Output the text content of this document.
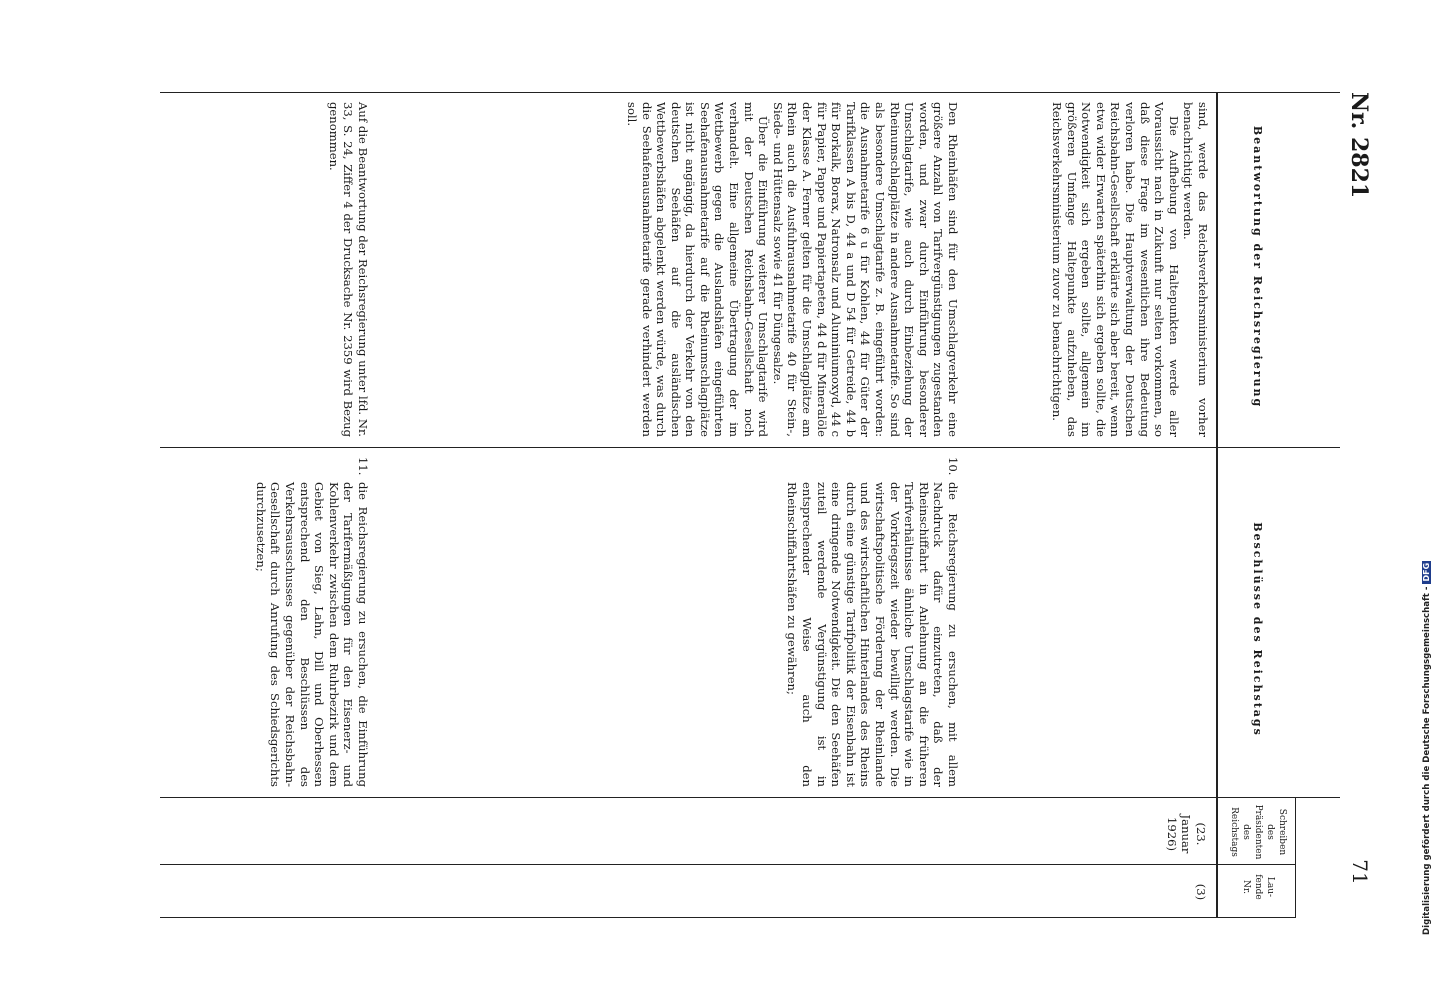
Nr. 2821
71
Beantwortung der Reichsregierung
Beschlüsse des Reichstags
Schreiben
des
Präsidenten
des
Reichstags
Lau-
fende
Nr.
(3)
(23. Januar
1926)

sind, werde das Reichsverkehrsministerium vorher benachrichtigt werden.

Die Aufhebung von Haltepunkten werde aller Voraussicht nach in Zukunft nur selten vorkommen, so daß diese Frage im wesentlichen ihre Bedeutung verloren habe. Die Hauptverwaltung der Deutschen Reichsbahn-Gesellschaft erklärte sich aber bereit, wenn etwa wider Erwarten späterhin sich ergeben sollte, die Notwendigkeit sich ergeben sollte, allgemein im größeren Umfange Haltepunkte aufzuheben, das Reichsverkehrsministerium zuvor zu benachrichtigen.

10.
die Reichsregierung zu ersuchen, mit allem Nachdruck dafür einzutreten, daß der Rheinschiffahrt in Anlehnung an die früheren Tarifverhältnisse ähnliche Umschlagstarife wie in der Vorkriegszeit wieder bewilligt werden. Die wirtschaftspolitische Förderung der Rheinlande und des wirtschaftlichen Hinterlandes des Rheins durch eine günstige Tarifpolitik der Eisenbahn ist eine dringende Notwendigkeit. Die den Seehäfen zuteil werdende Vergünstigung ist in entsprechender Weise auch den Rheinschiffahrtshäfen zu gewähren;

Den Rheinhäfen sind für den Umschlagverkehr eine größere Anzahl von Tarifvergünstigungen zugestanden worden, und zwar durch Einführung besonderer Umschlagtarife, wie auch durch Einbeziehung der Rheinumschlagplätze in andere Ausnahmetarife. So sind als besondere Umschlagtarife z. B. eingeführt worden: die Ausnahmetarife 6 u für Kohlen, 44 für Güter der Tarifklassen A bis D, 44 a und D 54 für Getreide, 44 b für Borkalk, Borax, Natronsalz und Aluminiumoxyd, 44 c für Papier, Pappe und Papiertapeten, 44 d für Mineralöle der Klasse A. Ferner gelten für die Umschlagplätze am Rhein auch die Ausfuhrausnahmetarife 40 für Stein-, Siede- und Hüttensalz sowie 41 für Düngesalze.

Über die Einführung weiterer Umschlagtarife wird mit der Deutschen Reichsbahn-Gesellschaft noch verhandelt. Eine allgemeine Übertragung der im Wettbewerb gegen die Auslandshäfen eingeführten Seehafenausnahmetarife auf die Rheinumschlagplätze ist nicht angängig, da hierdurch der Verkehr von den deutschen Seehäfen auf die ausländischen Wettbewerbshäfen abgelenkt werden würde, was durch die Seehafenausnahmetarife gerade verhindert werden soll.

11.
die Reichsregierung zu ersuchen, die Einführung der Tarifermäßigungen für den Eisenerz- und Kohlenverkehr zwischen dem Ruhrbezirk und dem Gebiet von Sieg, Lahn, Dill und Oberhessen entsprechend den Beschlüssen des Verkehrsausschusses gegenüber der Reichsbahn-Gesellschaft durch Anrufung des Schiedsgerichts durchzusetzen;

Auf die Beantwortung der Reichsregierung unter lfd. Nr. 33, S. 24, Ziffer 4 der Drucksache Nr. 2359 wird Bezug genommen.

Digitalisierung gefördert durch die Deutsche Forschungsgemeinschaft -DFG
